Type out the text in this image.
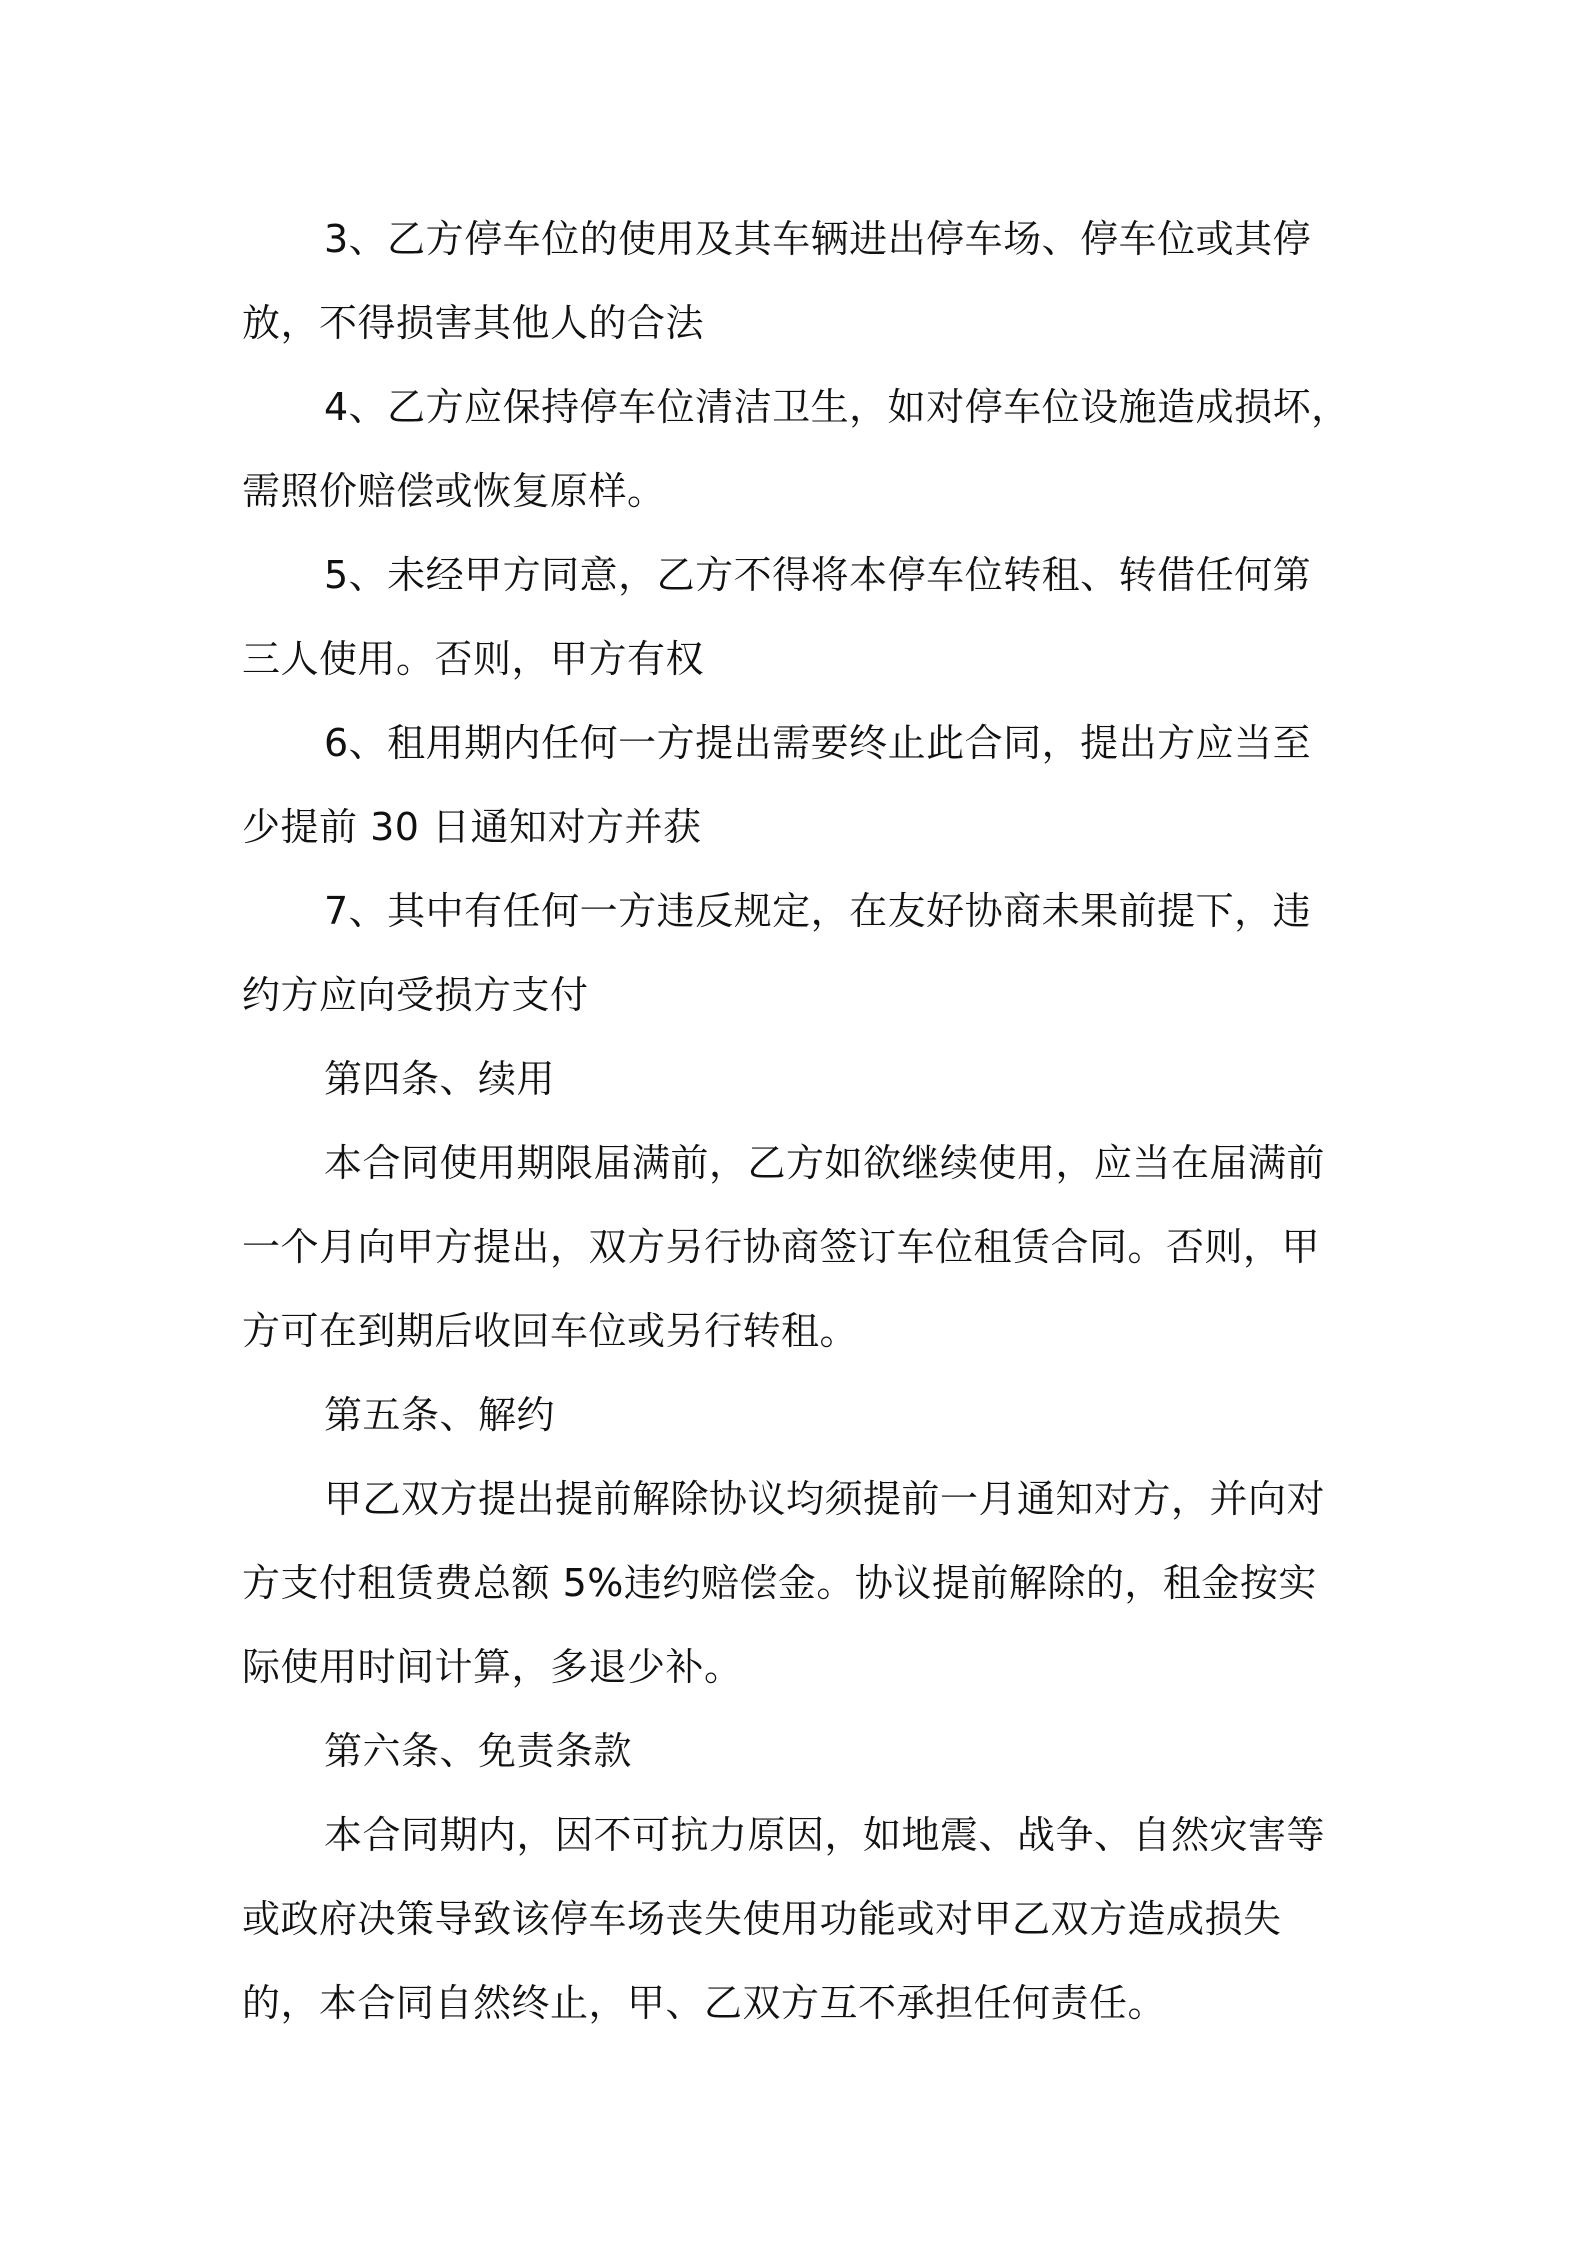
3、乙方停车位的使用及其车辆进出停车场、停车位或其停
放，不得损害其他人的合法
4、乙方应保持停车位清洁卫生，如对停车位设施造成损坏，
需照价赔偿或恢复原样。
5、未经甲方同意，乙方不得将本停车位转租、转借任何第
三人使用。否则，甲方有权
6、租用期内任何一方提出需要终止此合同，提出方应当至
少提前 30 日通知对方并获
7、其中有任何一方违反规定，在友好协商未果前提下，违
约方应向受损方支付
第四条、续用
本合同使用期限届满前，乙方如欲继续使用，应当在届满前
一个月向甲方提出，双方另行协商签订车位租赁合同。否则，甲
方可在到期后收回车位或另行转租。
第五条、解约
甲乙双方提出提前解除协议均须提前一月通知对方，并向对
方支付租赁费总额 5%违约赔偿金。协议提前解除的，租金按实
际使用时间计算，多退少补。
第六条、免责条款
本合同期内，因不可抗力原因，如地震、战争、自然灾害等
或政府决策导致该停车场丧失使用功能或对甲乙双方造成损失
的，本合同自然终止，甲、乙双方互不承担任何责任。
